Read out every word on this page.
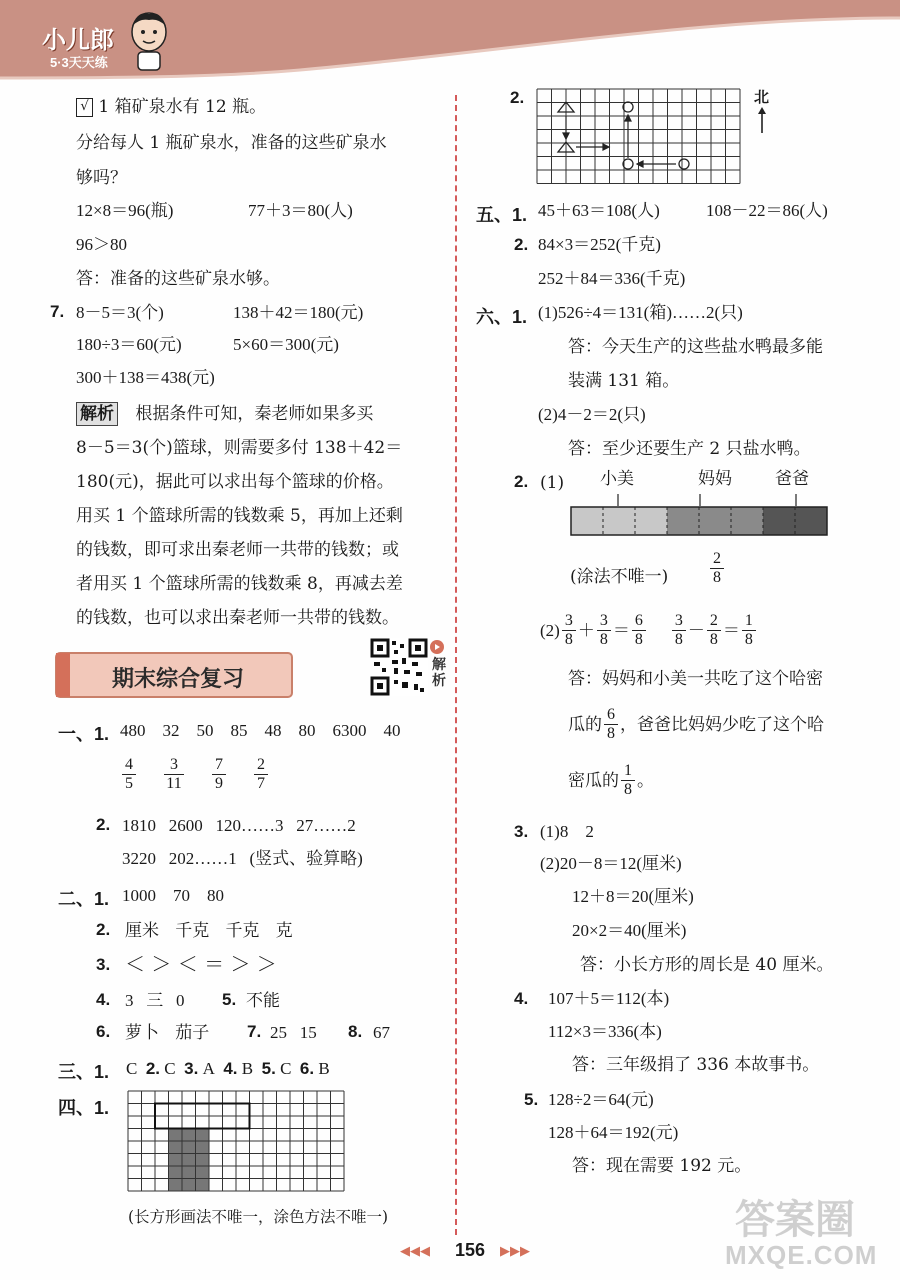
小儿郎
5·3天天练
√ 1 箱矿泉水有 12 瓶。
分给每人 1 瓶矿泉水，准备的这些矿泉水
够吗？
12×8＝96(瓶)	77＋3＝80(人)
96＞80
答：准备的这些矿泉水够。
7. 8－5＝3(个)	138＋42＝180(元)
180÷3＝60(元)	5×60＝300(元)
300＋138＝438(元)
解析 根据条件可知，秦老师如果多买
8－5＝3(个)篮球，则需要多付 138＋42＝
180(元)，据此可以求出每个篮球的价格。
用买 1 个篮球所需的钱数乘 5，再加上还剩
的钱数，即可求出秦老师一共带的钱数；或
者用买 1 个篮球所需的钱数乘 8，再减去差
的钱数，也可以求出秦老师一共带的钱数。
期末综合复习
解析
一、1. 480 32 50 85 48 80 6300 40
$\frac{4}{5}$
$\frac{3}{11}$
$\frac{7}{9}$
$\frac{2}{7}$
2. 1810 2600 120……3 27……2
3220 202……1 (竖式、验算略)
二、1. 1000 70 80
2. 厘米 千克 千克 克
3. ＜ ＞ ＜ ＝ ＞ ＞
4. 3 三 0 5. 不能
6. 萝卜 茄子 7. 25 15 8. 67
三、1. C 2. C 3. A 4. B 5. C 6. B
四、1.
(长方形画法不唯一，涂色方法不唯一)
2.	北
五、1. 45＋63＝108(人)	108－22＝86(人)
2. 84×3＝252(千克)
252＋84＝336(千克)
六、1. (1)526÷4＝131(箱)……2(只)
答：今天生产的这些盐水鸭最多能
装满 131 箱。
(2)4－2＝2(只)
答：至少还要生产 2 只盐水鸭。
2. (1) 小美	妈妈	爸爸
(涂法不唯一)	$\frac{2}{8}$
$(2) \frac{3}{8} + \frac{3}{8} = \frac{6}{8} \frac{3}{8} - \frac{2}{8} = \frac{1}{8}$
答：妈妈和小美一共吃了这个哈密
瓜的 $\frac{6}{8}$ ，爸爸比妈妈少吃了这个哈
密瓜的 $\frac{1}{8}$ 。
3. (1)8　2
(2)20－8＝12(厘米)
12＋8＝20(厘米)
20×2＝40(厘米)
答：小长方形的周长是 40 厘米。
4. 107＋5＝112(本)
112×3＝336(本)
答：三年级捐了 336 本故事书。
5. 128÷2＝64(元)
128＋64＝192(元)
答：现在需要 192 元。
答案圈
MXQE.COM
◀◀◀ 156 ▶▶▶
